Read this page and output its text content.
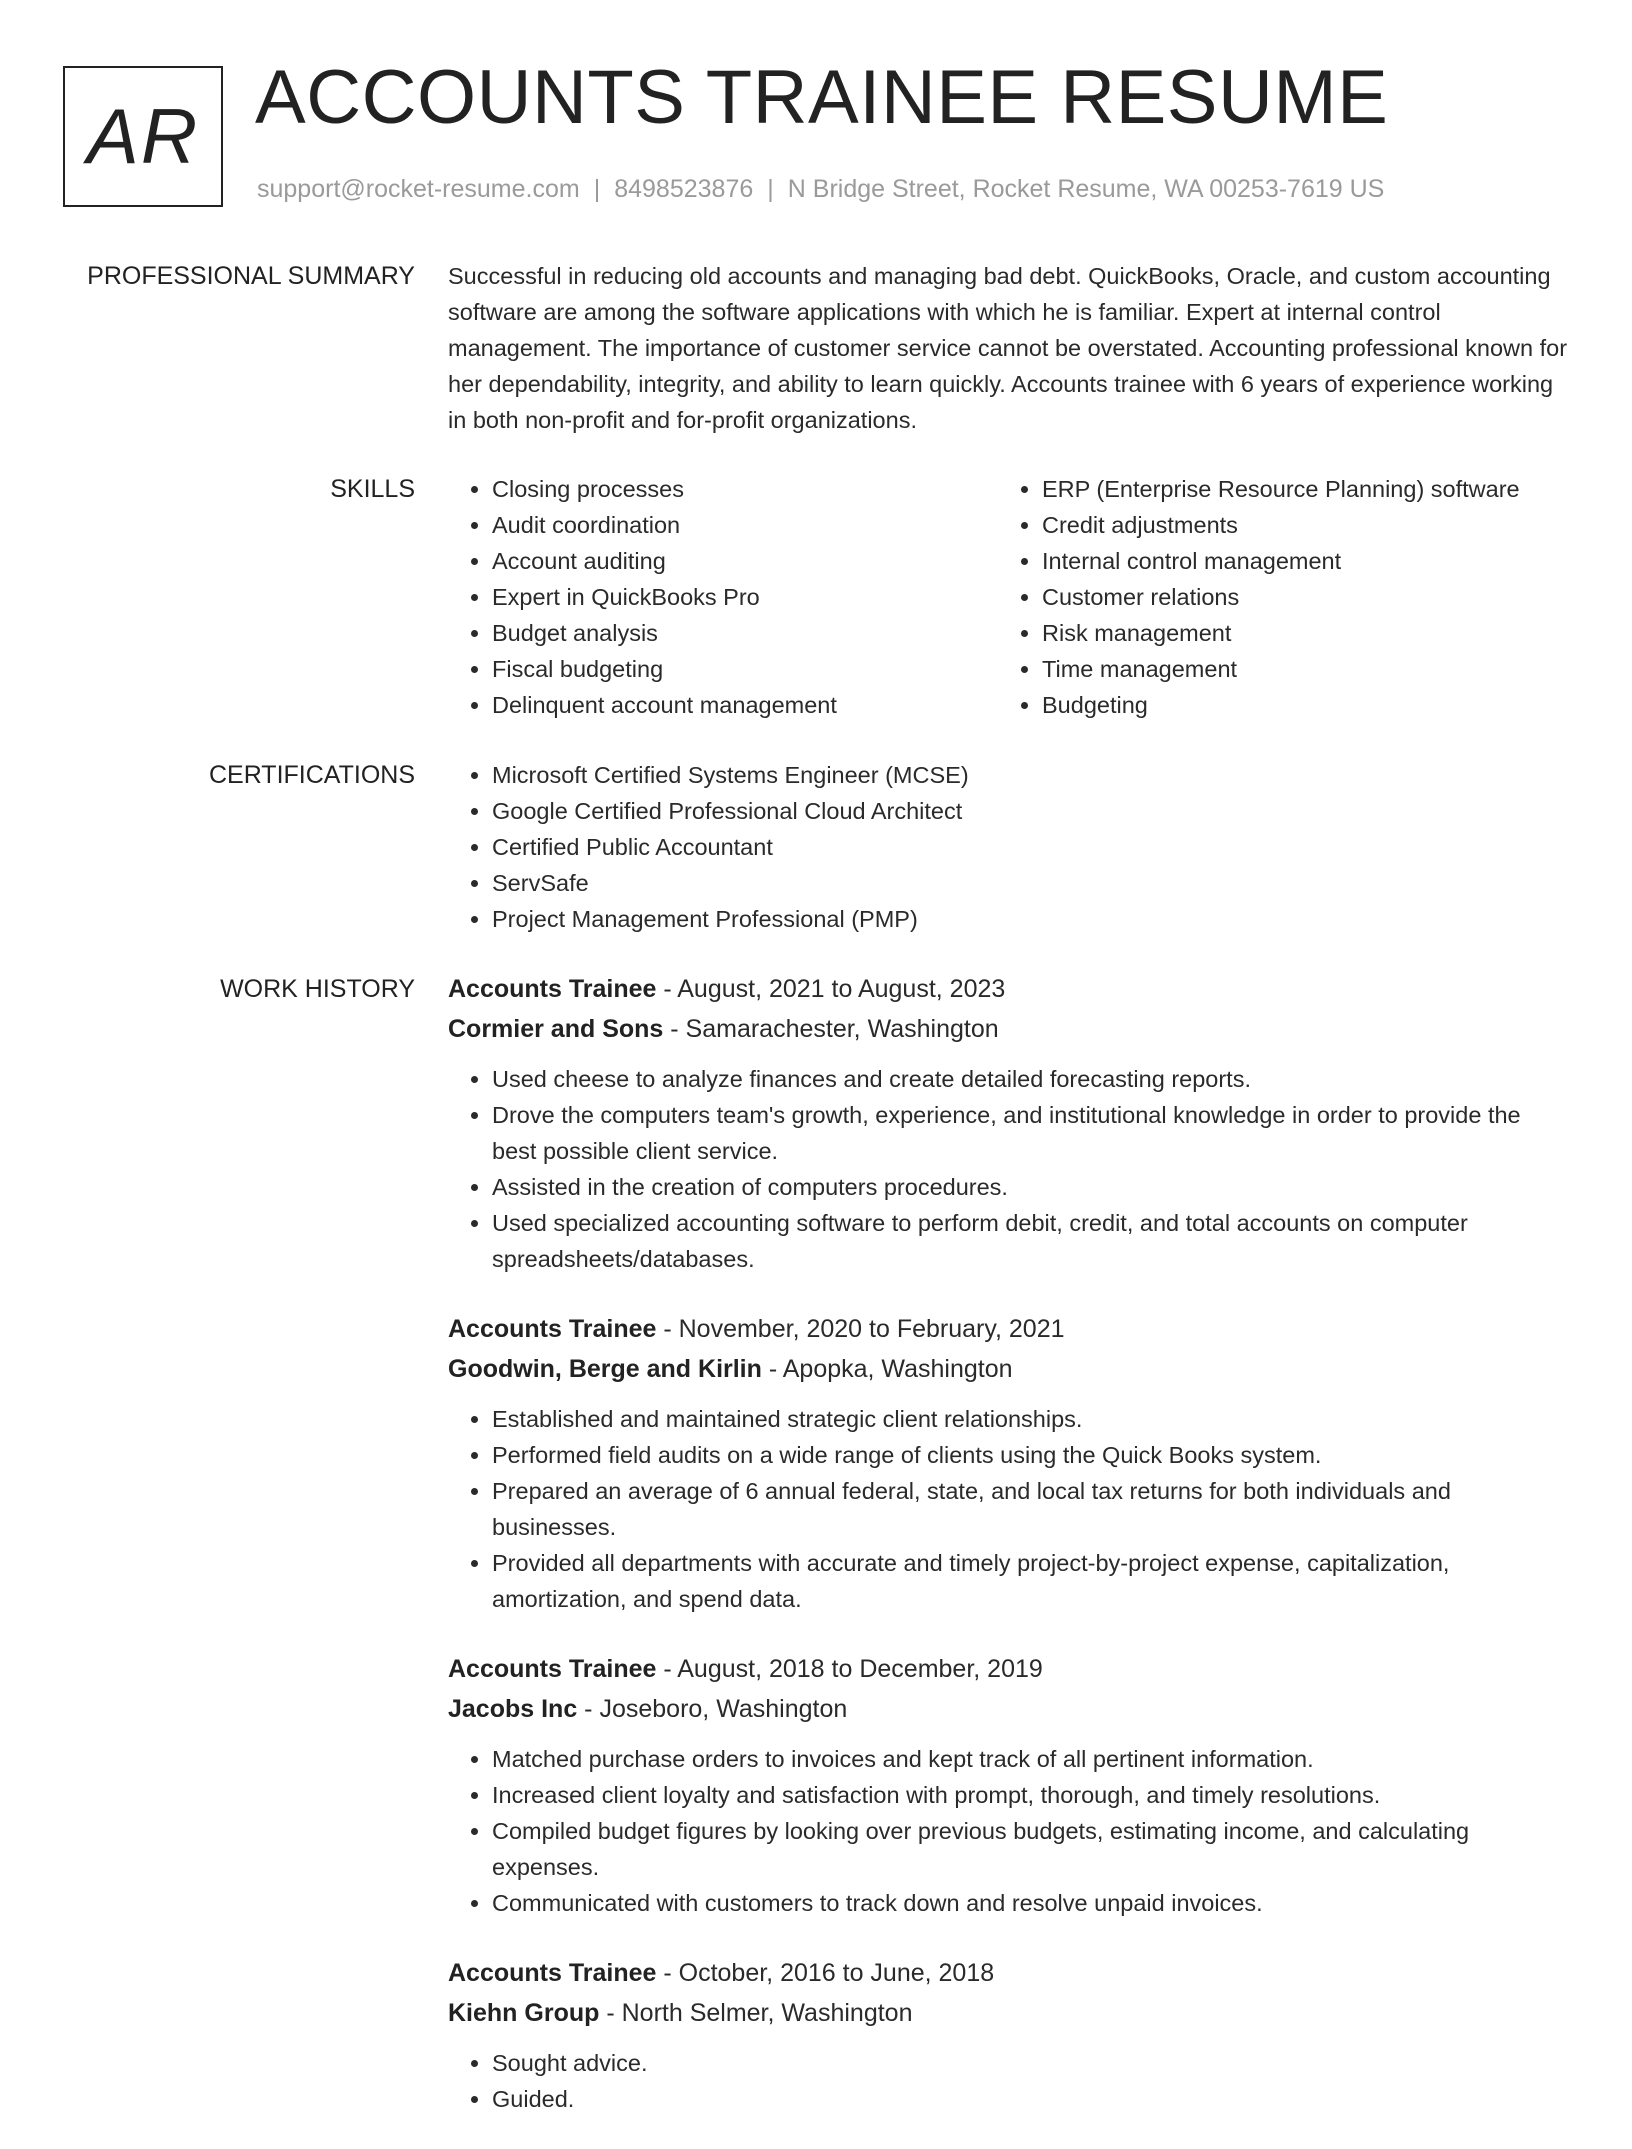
AR ACCOUNTS TRAINEE RESUME
support@rocket-resume.com | 8498523876 | N Bridge Street, Rocket Resume, WA 00253-7619 US
PROFESSIONAL SUMMARY Successful in reducing old accounts and managing bad debt. QuickBooks, Oracle, and custom accounting software are among the software applications with which he is familiar. Expert at internal control management. The importance of customer service cannot be overstated. Accounting professional known for her dependability, integrity, and ability to learn quickly. Accounts trainee with 6 years of experience working in both non-profit and for-profit organizations.
SKILLS	• Closing processes
• Audit coordination
• Account auditing
• Expert in QuickBooks Pro
• Budget analysis
• Fiscal budgeting
• Delinquent account management
• ERP (Enterprise Resource Planning) software
• Credit adjustments
• Internal control management
• Customer relations
• Risk management
• Time management
• Budgeting
CERTIFICATIONS	• Microsoft Certified Systems Engineer (MCSE)
• Google Certified Professional Cloud Architect
• Certified Public Accountant
• ServSafe
• Project Management Professional (PMP)
WORK HISTORY Accounts Trainee - August, 2021 to August, 2023
Cormier and Sons - Samarachester, Washington
• Used cheese to analyze finances and create detailed forecasting reports.
• Drove the computers team's growth, experience, and institutional knowledge in order to provide the best possible client service.
• Assisted in the creation of computers procedures.
• Used specialized accounting software to perform debit, credit, and total accounts on computer spreadsheets/databases.
Accounts Trainee - November, 2020 to February, 2021
Goodwin, Berge and Kirlin - Apopka, Washington
• Established and maintained strategic client relationships.
• Performed field audits on a wide range of clients using the Quick Books system.
• Prepared an average of 6 annual federal, state, and local tax returns for both individuals and businesses.
• Provided all departments with accurate and timely project-by-project expense, capitalization, amortization, and spend data.
Accounts Trainee - August, 2018 to December, 2019
Jacobs Inc - Joseboro, Washington
• Matched purchase orders to invoices and kept track of all pertinent information.
• Increased client loyalty and satisfaction with prompt, thorough, and timely resolutions.
• Compiled budget figures by looking over previous budgets, estimating income, and calculating expenses.
• Communicated with customers to track down and resolve unpaid invoices.
Accounts Trainee - October, 2016 to June, 2018
Kiehn Group - North Selmer, Washington
• Sought advice.
• Guided.
